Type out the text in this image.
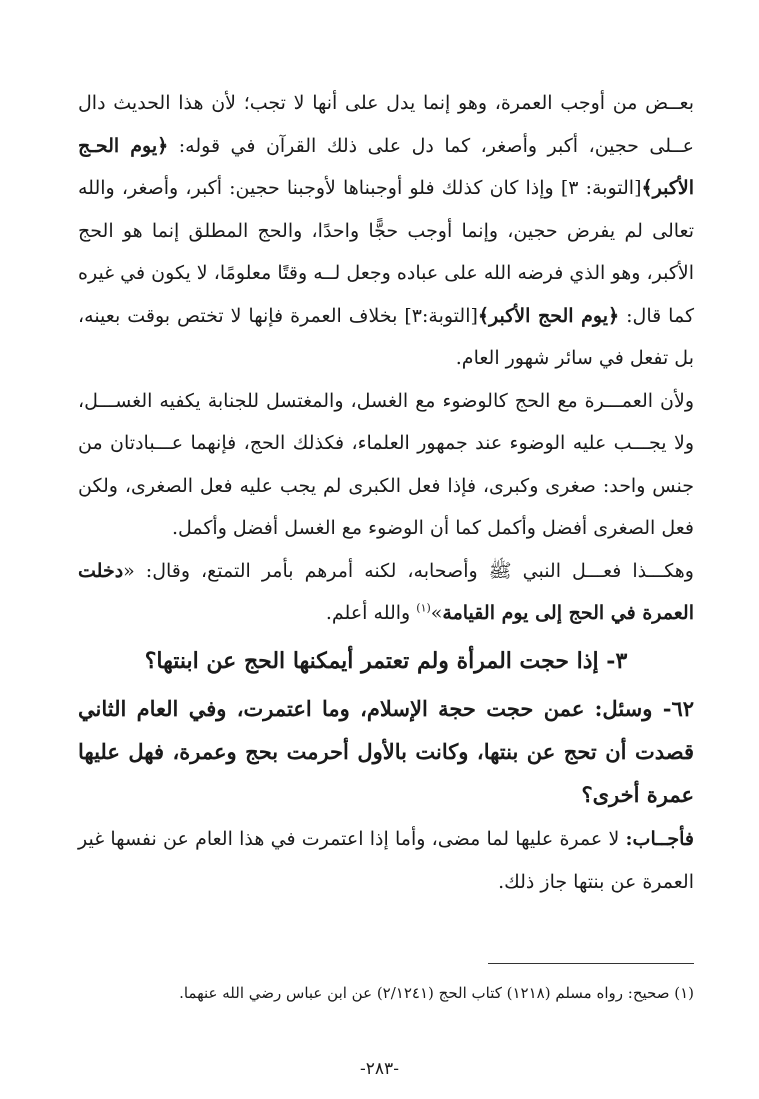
بعــض من أوجب العمرة، وهو إنما يدل على أنها لا تجب؛ لأن هذا الحديث دال عــلى حجين، أكبر وأصغر، كما دل على ذلك القرآن في قوله: ﴿يوم الحـج الأكبر﴾[التوبة: ٣] وإذا كان كذلك فلو أوجبناها لأوجبنا حجين: أكبر، وأصغر، والله تعالى لم يفرض حجين، وإنما أوجب حجًّا واحدًا، والحج المطلق إنما هو الحج الأكبر، وهو الذي فرضه الله على عباده وجعل لــه وقتًا معلومًا، لا يكون في غيره كما قال: ﴿يوم الحج الأكبر﴾[التوبة:٣] بخلاف العمرة فإنها لا تختص بوقت بعينه، بل تفعل في سائر شهور العام.

ولأن العمـــرة مع الحج كالوضوء مع الغسل، والمغتسل للجنابة يكفيه الغســـل، ولا يجـــب عليه الوضوء عند جمهور العلماء، فكذلك الحج، فإنهما عـــبادتان من جنس واحد: صغرى وكبرى، فإذا فعل الكبرى لم يجب عليه فعل الصغرى، ولكن فعل الصغرى أفضل وأكمل كما أن الوضوء مع الغسل أفضل وأكمل.

وهكـــذا فعـــل النبي ﷺ وأصحابه، لكنه أمرهم بأمر التمتع، وقال: «دخلت العمرة في الحج إلى يوم القيامة»$^{(١)}$ والله أعلم.

٣- إذا حجت المرأة ولم تعتمر أيمكنها الحج عن ابنتها؟

٦٢- وسئل: عمن حجت حجة الإسلام، وما اعتمرت، وفي العام الثاني قصدت أن تحج عن بنتها، وكانت بالأول أحرمت بحج وعمرة، فهل عليها عمرة أخرى؟

فأجــاب: لا عمرة عليها لما مضى، وأما إذا اعتمرت في هذا العام عن نفسها غير العمرة عن بنتها جاز ذلك.

(١) صحيح: رواه مسلم (١٢١٨) كتاب الحج (٢/١٢٤١) عن ابن عباس رضي الله عنهما.
-٢٨٣-
